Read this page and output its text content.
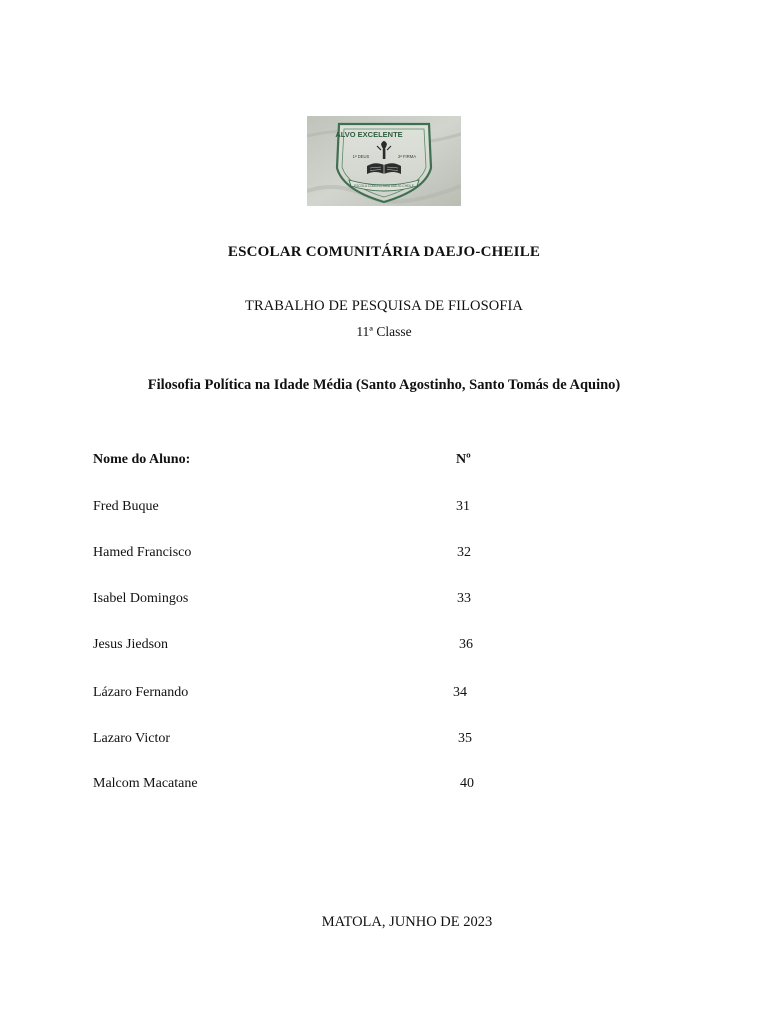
ALVO EXCELENTE
1ª DEUS	2ª FIRMA
ESCOLA COMUNITÁRIA DAEJO-CHEILE
ESCOLAR COMUNITÁRIA DAEJO-CHEILE
TRABALHO DE PESQUISA DE FILOSOFIA
11ª Classe
Filosofia Política na Idade Média (Santo Agostinho, Santo Tomás de Aquino)
Nome do Aluno:	Nº
Fred Buque	31
Hamed Francisco	32
Isabel Domingos	33
Jesus Jiedson	36
Lázaro Fernando	34
Lazaro Victor	35
Malcom Macatane	40
MATOLA, JUNHO DE 2023
